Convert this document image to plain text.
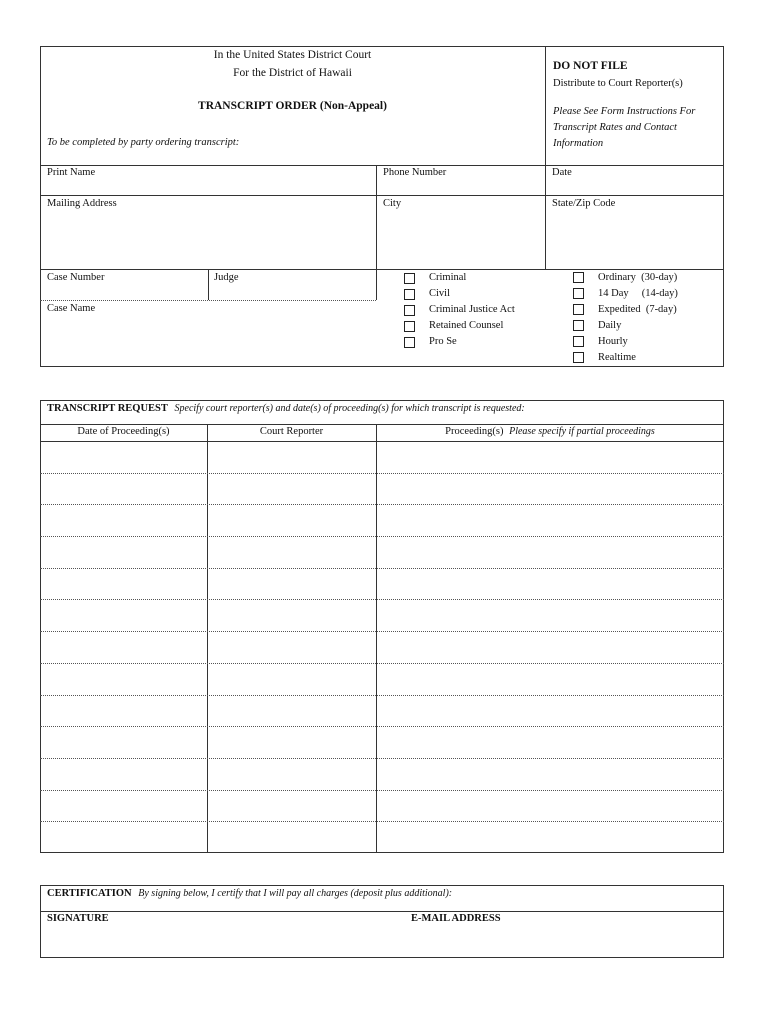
In the United States District Court
For the District of Hawaii
TRANSCRIPT ORDER (Non-Appeal)
To be completed by party ordering transcript:
DO NOT FILE
Distribute to Court Reporter(s)
Please See Form Instructions For
Transcript Rates and Contact
Information
Print Name	Phone Number	Date
Mailing Address	City	State/Zip Code
Case Number	Judge
Case Name
Criminal
Civil
Criminal Justice Act
Retained Counsel
Pro Se
Ordinary  (30-day)
14 Day     (14-day)
Expedited  (7-day)
Daily
Hourly
Realtime
TRANSCRIPT REQUEST Specify court reporter(s) and date(s) of proceeding(s) for which transcript is requested:
Date of Proceeding(s)	Court Reporter	Proceeding(s) Please specify if partial proceedings
CERTIFICATION By signing below, I certify that I will pay all charges (deposit plus additional):
SIGNATURE	E-MAIL ADDRESS
